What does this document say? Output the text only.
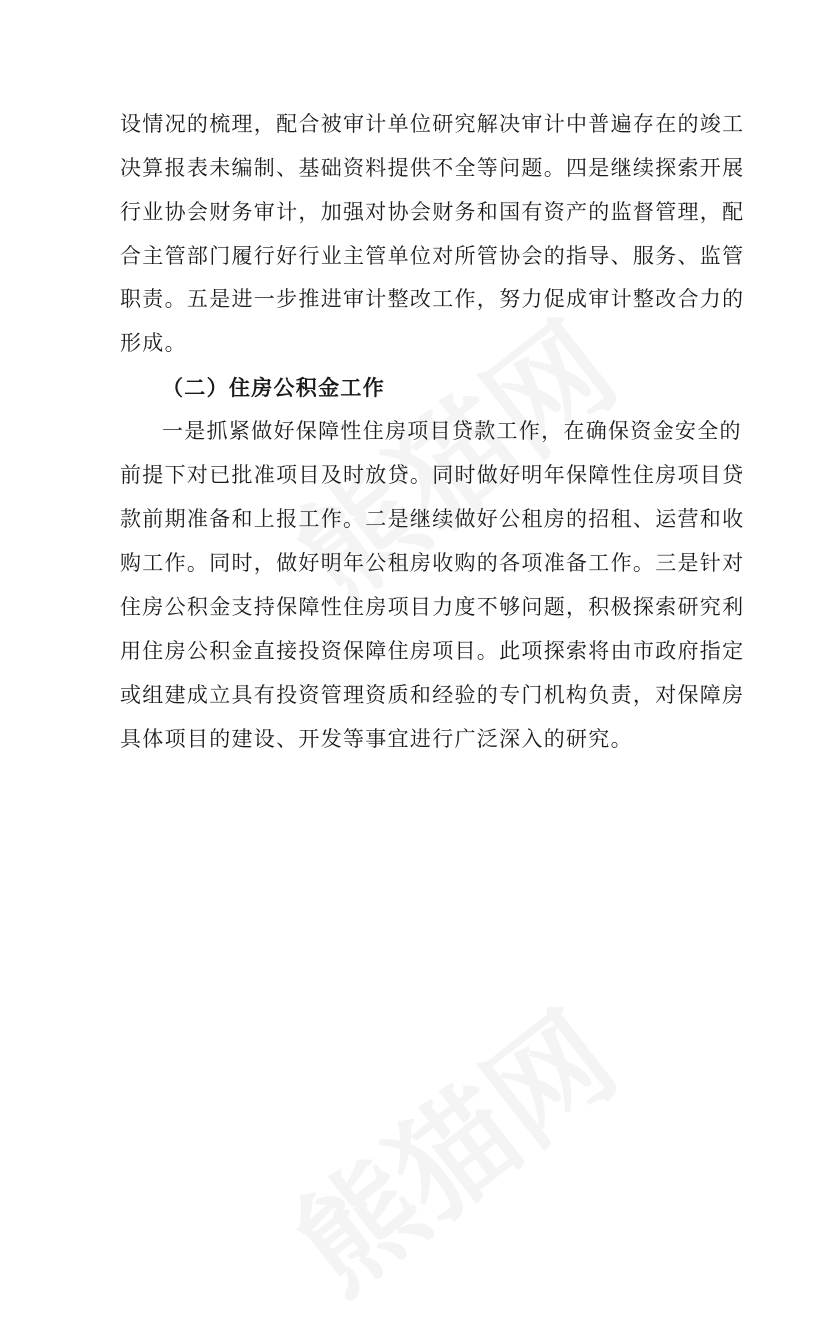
设情况的梳理，配合被审计单位研究解决审计中普遍存在的竣工
决算报表未编制、基础资料提供不全等问题。四是继续探索开展
行业协会财务审计，加强对协会财务和国有资产的监督管理，配
合主管部门履行好行业主管单位对所管协会的指导、服务、监管
职责。五是进一步推进审计整改工作，努力促成审计整改合力的
形成。
（二）住房公积金工作
一是抓紧做好保障性住房项目贷款工作，在确保资金安全的
前提下对已批准项目及时放贷。同时做好明年保障性住房项目贷
款前期准备和上报工作。二是继续做好公租房的招租、运营和收
购工作。同时，做好明年公租房收购的各项准备工作。三是针对
住房公积金支持保障性住房项目力度不够问题，积极探索研究利
用住房公积金直接投资保障住房项目。此项探索将由市政府指定
或组建成立具有投资管理资质和经验的专门机构负责，对保障房
具体项目的建设、开发等事宜进行广泛深入的研究。
